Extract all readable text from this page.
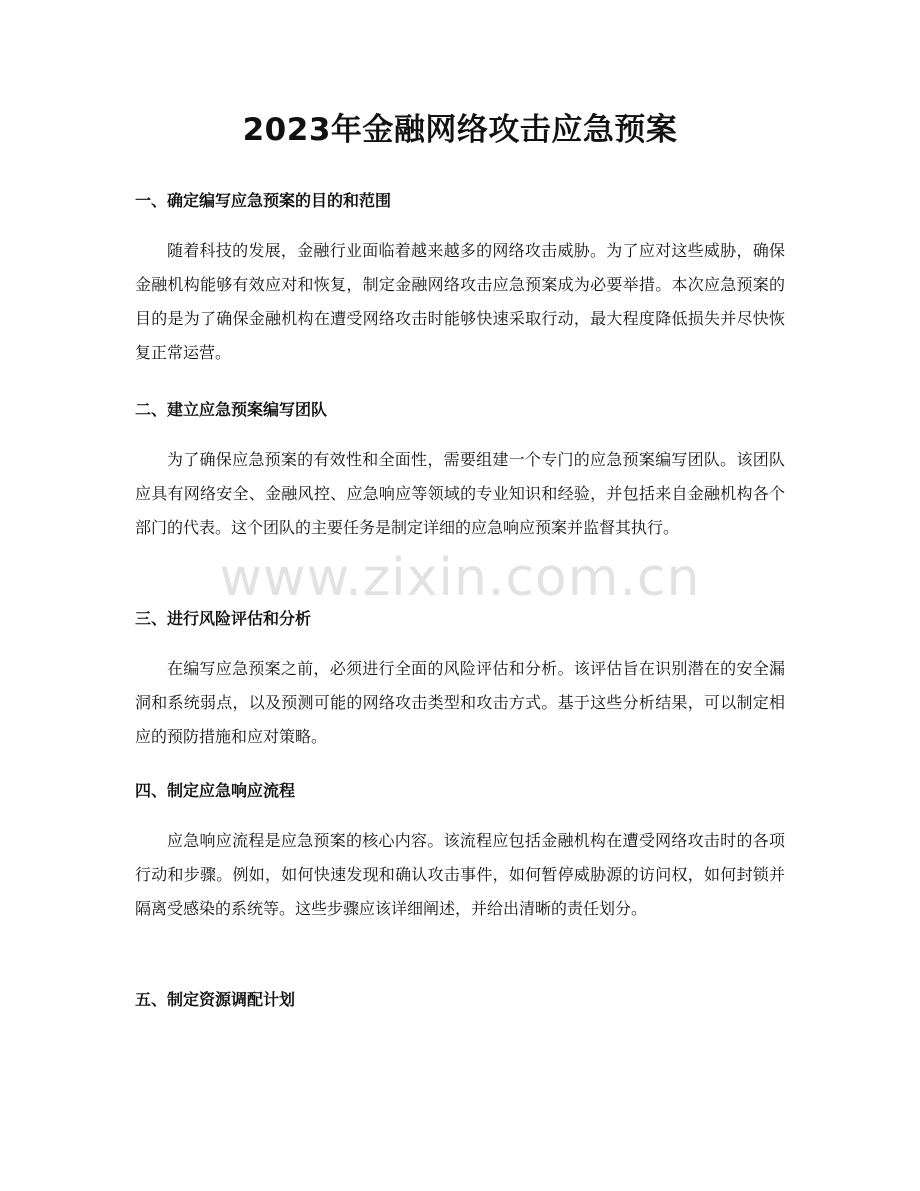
2023年金融网络攻击应急预案
一、确定编写应急预案的目的和范围

随着科技的发展，金融行业面临着越来越多的网络攻击威胁。为了应对这些威胁，确保金融机构能够有效应对和恢复，制定金融网络攻击应急预案成为必要举措。本次应急预案的目的是为了确保金融机构在遭受网络攻击时能够快速采取行动，最大程度降低损失并尽快恢复正常运营。

二、建立应急预案编写团队

为了确保应急预案的有效性和全面性，需要组建一个专门的应急预案编写团队。该团队应具有网络安全、金融风控、应急响应等领域的专业知识和经验，并包括来自金融机构各个部门的代表。这个团队的主要任务是制定详细的应急响应预案并监督其执行。

三、进行风险评估和分析

在编写应急预案之前，必须进行全面的风险评估和分析。该评估旨在识别潜在的安全漏洞和系统弱点，以及预测可能的网络攻击类型和攻击方式。基于这些分析结果，可以制定相应的预防措施和应对策略。

四、制定应急响应流程

应急响应流程是应急预案的核心内容。该流程应包括金融机构在遭受网络攻击时的各项行动和步骤。例如，如何快速发现和确认攻击事件，如何暂停威胁源的访问权，如何封锁并隔离受感染的系统等。这些步骤应该详细阐述，并给出清晰的责任划分。

五、制定资源调配计划
www.zixin.com.cn
